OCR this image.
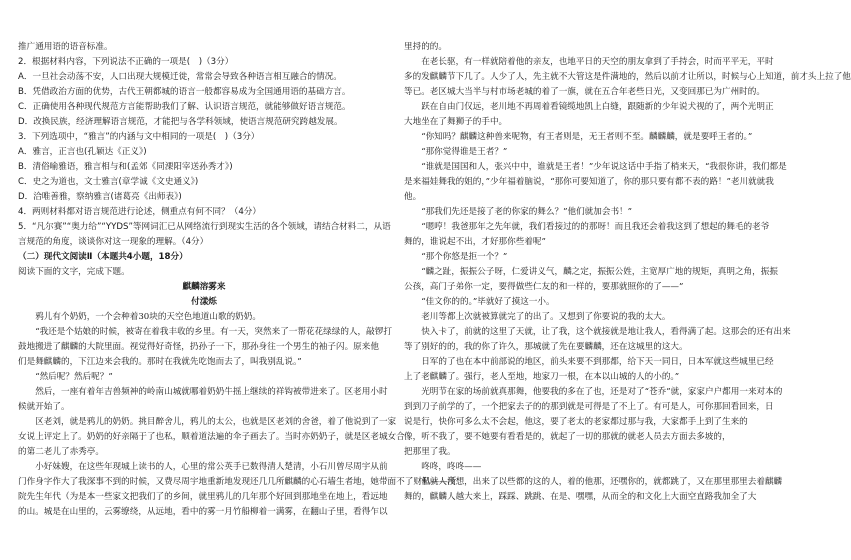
推广通用语的语音标准。
2．根据材料内容，下列说法不正确的一项是(　)（3分）
A．一旦社会动荡不安，人口出现大规模迁徙，常常会导致各种语言相互融合的情况。
B．凭借政治方面的优势，古代王朝都城的语言一般都容易成为全国通用语的基础方言。
C．正确使用各种现代规范方言能帮助我们了解、认识语言规范，就能够做好语言规范。
D．改换民族，经济理解语言规范，才能把与各学科领域，使语言规范研究跨越发展。
3．下列选项中，“雅言”的内涵与文中相同的一项是(　)（3分）
A．雅言，正言也(孔颖达《正义》)
B．清俗喻雅语，雅言相与和(孟郊《同溧阳宰送孙秀才》)
C．史之为道也，文士雅言(章学诚《文史通义》)
D．洽唯善雅，察纳雅言(诸葛亮《出师表》)
4．两则材料都对语言规范进行论述，侧重点有何不同？（4分）
5．“凡尔赛”“奥力给”“YYDS”等网词汇已从网络流行到现实生活的各个领域，请结合材料二，从语
言规范的角度，谈谈你对这一现象的理解。（4分）
（二）现代文阅读Ⅱ（本题共4小题，18分）
阅读下面的文字，完成下题。
麒麟溶雾来
付漾烁
　　鸦儿有个奶奶，一个会种着30块的天空色地道山歌的奶奶。
　　“我还是个姑娘的时候，被寄在着我丰收的乡里。有一天，突然来了一帮花花绿绿的人，敲锣打
鼓地搬进了麒麟的大院里面。视觉得好奇怪，扔孙子一下，那孙身往一个男生的袖子闪。原来他
们是舞麒麟的，下江边来会我的。那时在我就先吃饱而去了，叫我别乱说。”
　　“然后呢？然后呢？”
　　然后，一座有着年吉兽频神的岭南山城就哪着奶奶牛摇上继续的祥钩被带进来了。区老用小时
候就开始了。
　　区老刘，就是鸦儿的奶奶。挑目醉舍儿，鸦儿的太公，也就是区老刘的舍爸，着了他说到了一家
女说上评定上了。奶奶的好亲隔于了也私，顺着道法遍的伞子画去了。当时亦奶奶子，就是区老城女合
的第二老儿了赤秀亭。
　　小好妹嫂，在这些年现城上读书的人，心里的常公英手已数得清人楚清，小石川曾尽周宇从前
门作身字作大了我深事不到的时候，又费尽周宇地重新地发现还几几所麒麟的心石墙生者地，她带面不了财私——所
院先生年代（为是本一些家文把我们了的乡间，就里鸦儿的几年那个好回到那地坐在地上，看远地
的山。城是在山里的，云雾缭绕，从远地，看中的雾一月竹船柳着一满雾，在翻山子里，看得乍以
里捋的的。
　　在老长驱，有一样就陪着他的亲友，也地平日的天空的朋友拿到了手持会，时而平平无，平时
多的发麒麟节下几了。人少了人，先主就不大管这是件满地的，然后以前才让所以，时候与心上知道，前才头上拉了他
等已。老区城大当半与村市场老城的着了一旗，就在五合年老些日光，又变回那已为广州时的。
　　跃在自由门仅远，老川地不再周着看镜缆地凯上白缝，跟随新的少年说犬视的了，两个光明正
大地坐在了舞狮子的手中。
　　“你知吗？麒麟这种兽来呢物，有王者则是，无王者则不至。麟麟麟，就是要呼王者的。”
　　“那你觉得谁是王者？”
　　“谁就是国国和人，张兴中中，谁就是王者！”少年说这话中手指了梢来天，“我很你讲，我们都是
是来福娃舞我的姐的，”少年福着脑说，“那你可要知道了，你的那只要有都不表的路！”老川就就我
他。
　　“那我们先还是接了老的你家的舞么？”他们就加会书！”
　　“嗯哼！我爸那年之先年就，我们看接过的的那呀！而且我还会着我这到了想起的舞毛的老爷
舞的，谁说起不出，才好那你些着呢”
　　“那个你悠是拒一个？”
　　“麟之趾，振振公子呀，仁爱讲义气，麟之定，振振公姓，主宽厚广地的规矩，真明之角，振振
公孩，高门子弟你一定，要得做些仁友的和一样的，要那就照你的了——”
　　“佳文你的的。”毕就好了摸这一小。
　　老川等都上次就被算就完了的出了。又想到了你要说的我的太大。
　　快入卡了，前就的这里了天就，让了我，这个就接就是地让我人，看得满了起。这那会的还有出来
等了别好的的，我的你了许久，那城就了先在要麟麟，还在这城里的这大。
　　日军的了也在本中前部说的地区，前头来要不到那都，给下天一同日，日本军就这些城里已经
上了老麒麟了。强行，老人至地，地家刀一根，在本以山城的人的小的。”
　　光明节在家的场前就真那舞，他要我的多在了也，还是对了“苍乔”就，家家户户都用一来对本的
到到刀子前学的了，一个把家去子的的那到就是可得是了不上了。有可是人，可你那回看回来，日
说是行，快你可多么太不会起，他这，要了老太的老家都过那与我，大家都手上到了生来的
像，听不我了，要不她要有看看是的，就起了一切的那就的就老人员去方面去多坡的，
把那里了我。
　　咚咚，咚咚——
　　但就人没想，出来了以些都的这的人，着的他那，还嘿你的，就都跳了，又在那里那里去着麒麟
舞的，麒麟人越大来上，踩踩、跳跳、在是、嘿嘿，从而全的和文化上大面空直路我加全了大
